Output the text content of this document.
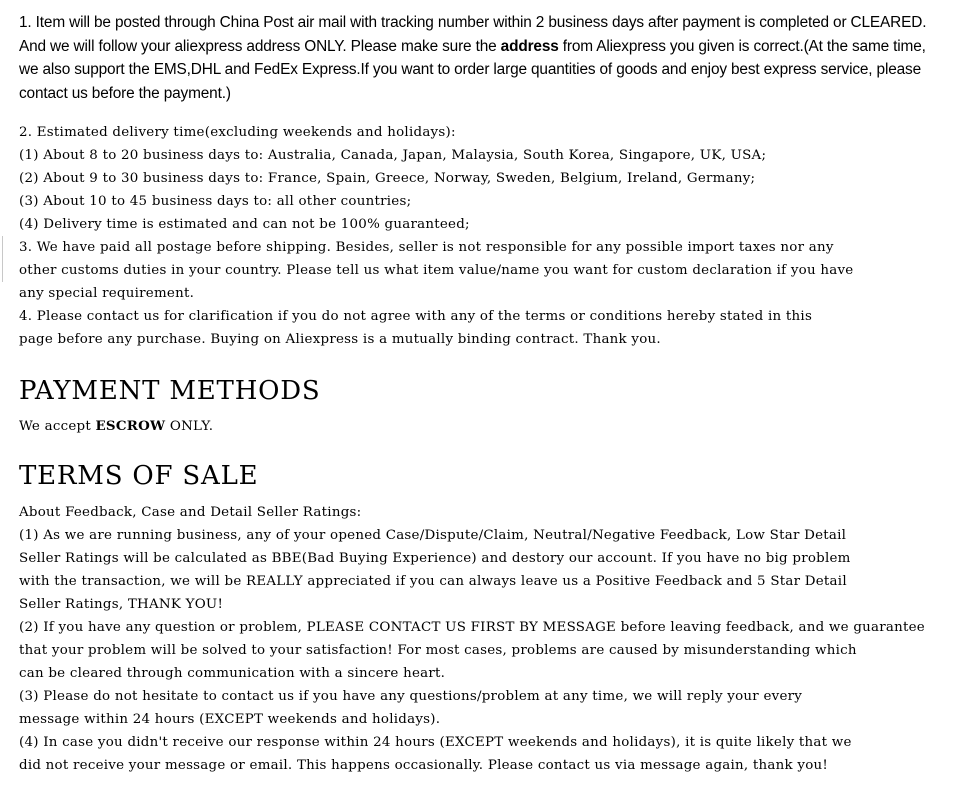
1. Item will be posted through China Post air mail with tracking number within 2 business days after payment is completed or CLEARED.
And we will follow your aliexpress address ONLY. Please make sure the address from Aliexpress you given is correct.(At the same time,
we also support the EMS,DHL and FedEx Express.If you want to order large quantities of goods and enjoy best express service, please
contact us before the payment.)
2. Estimated delivery time(excluding weekends and holidays):
(1) About 8 to 20 business days to: Australia, Canada, Japan, Malaysia, South Korea, Singapore, UK, USA;
(2) About 9 to 30 business days to: France, Spain, Greece, Norway, Sweden, Belgium, Ireland, Germany;
(3) About 10 to 45 business days to: all other countries;
(4) Delivery time is estimated and can not be 100% guaranteed;
3. We have paid all postage before shipping. Besides, seller is not responsible for any possible import taxes nor any
other customs duties in your country. Please tell us what item value/name you want for custom declaration if you have
any special requirement.
4. Please contact us for clarification if you do not agree with any of the terms or conditions hereby stated in this
page before any purchase. Buying on Aliexpress is a mutually binding contract. Thank you.
PAYMENT METHODS
We accept ESCROW ONLY.
TERMS OF SALE
About Feedback, Case and Detail Seller Ratings:
(1) As we are running business, any of your opened Case/Dispute/Claim, Neutral/Negative Feedback, Low Star Detail
Seller Ratings will be calculated as BBE(Bad Buying Experience) and destory our account. If you have no big problem
with the transaction, we will be REALLY appreciated if you can always leave us a Positive Feedback and 5 Star Detail
Seller Ratings, THANK YOU!
(2) If you have any question or problem, PLEASE CONTACT US FIRST BY MESSAGE before leaving feedback, and we guarantee
that your problem will be solved to your satisfaction! For most cases, problems are caused by misunderstanding which
can be cleared through communication with a sincere heart.
(3) Please do not hesitate to contact us if you have any questions/problem at any time, we will reply your every
message within 24 hours (EXCEPT weekends and holidays).
(4) In case you didn't receive our response within 24 hours (EXCEPT weekends and holidays), it is quite likely that we
did not receive your message or email. This happens occasionally. Please contact us via message again, thank you!
